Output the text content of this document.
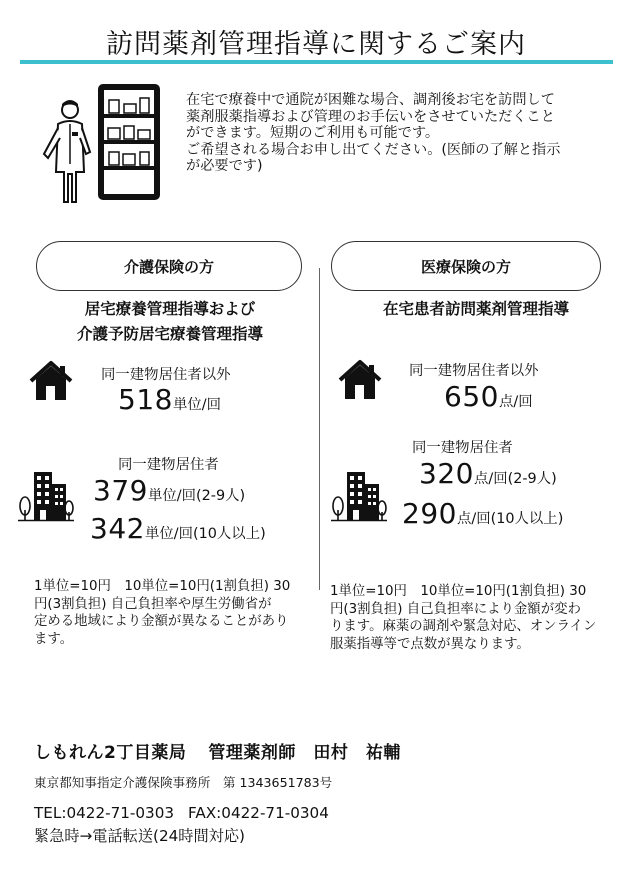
訪問薬剤管理指導に関するご案内
在宅で療養中で通院が困難な場合、調剤後お宅を訪問して
薬剤服薬指導および管理のお手伝いをさせていただくこと
ができます。短期のご利用も可能です。
ご希望される場合お申し出てください。(医師の了解と指示
が必要です)
介護保険の方	医療保険の方
居宅療養管理指導および
介護予防居宅療養管理指導
在宅患者訪問薬剤管理指導
同一建物居住者以外
518単位/回
同一建物居住者
379単位/回(2-9人)
342単位/回(10人以上)
同一建物居住者以外
650点/回
同一建物居住者
320点/回(2-9人)
290点/回(10人以上)
1単位=10円　10単位=10円(1割負担) 30
円(3割負担) 自己負担率や厚生労働省が
定める地域により金額が異なることがあり
ます。
1単位=10円　10単位=10円(1割負担) 30
円(3割負担) 自己負担率により金額が変わ
ります。麻薬の調剤や緊急対応、オンライン
服薬指導等で点数が異なります。
しもれん2丁目薬局 管理薬剤師　田村　祐輔
東京都知事指定介護保険事務所　第 1343651783号
TEL:0422-71-0303 FAX:0422-71-0304
緊急時→電話転送(24時間対応)
